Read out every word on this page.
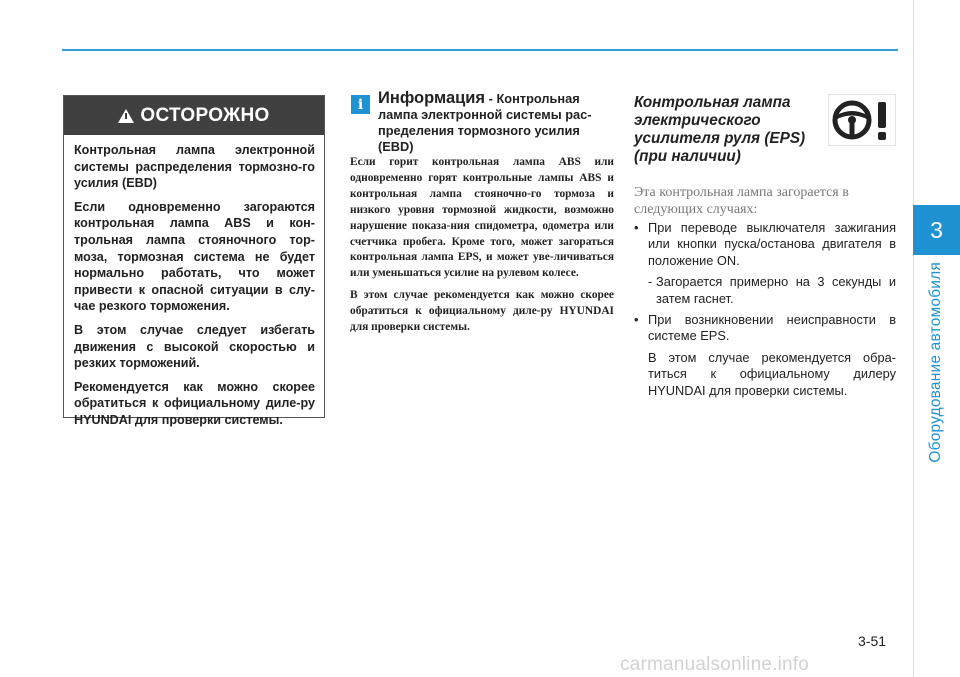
3
Оборудование автомобиля
ОСТОРОЖНО

Контрольная лампа электронной системы распределения тормозно-го усилия (EBD)

Если одновременно загораются контрольная лампа ABS и кон-трольная лампа стояночного тор-моза, тормозная система не будет нормально работать, что может привести к опасной ситуации в слу-чае резкого торможения.

В этом случае следует избегать движения с высокой скоростью и резких торможений.

Рекомендуется как можно скорее обратиться к официальному диле-ру HYUNDAI для проверки системы.

i Информация - Контрольная лампа электронной системы рас-пределения тормозного усилия (EBD)

Если горит контрольная лампа ABS или одновременно горят контрольные лампы ABS и контрольная лампа стояночно-го тормоза и низкого уровня тормозной жидкости, возможно нарушение показа-ния спидометра, одометра или счетчика пробега. Кроме того, может загораться контрольная лампа EPS, и может уве-личиваться или уменьшаться усилие на рулевом колесе.

В этом случае рекомендуется как можно скорее обратиться к официальному диле-ру HYUNDAI для проверки системы.

Контрольная лампа электрического усилителя руля (EPS) (при наличии)
Эта контрольная лампа загорается в следующих случаях:
• При переводе выключателя зажигания или кнопки пуска/останова двигателя в положение ON.
- Загорается примерно на 3 секунды и затем гаснет.
• При возникновении неисправности в системе EPS.
В этом случае рекомендуется обра-титься к официальному дилеру HYUNDAI для проверки системы.
3-51
carmanualsonline.info
